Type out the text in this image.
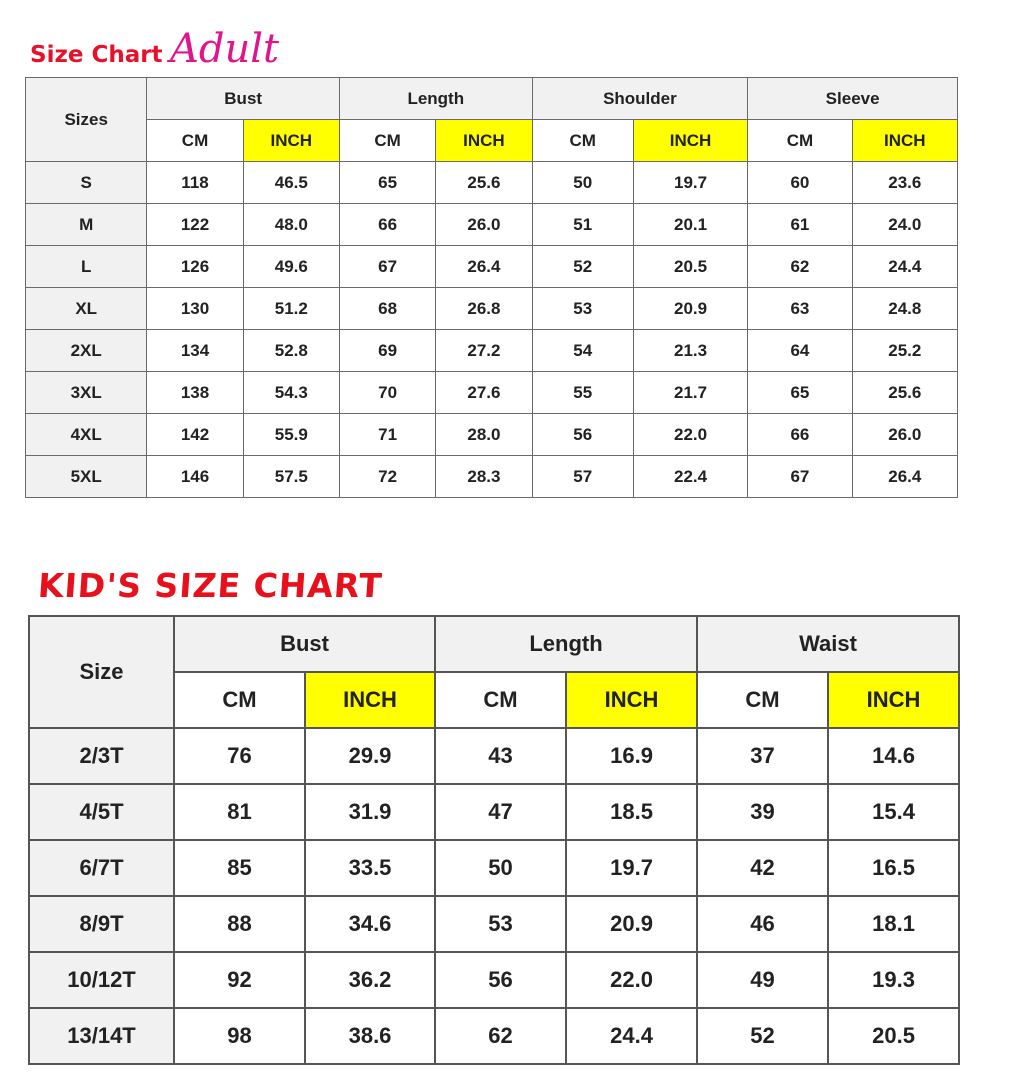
Size Chart Adult
Sizes	Bust		Length		Shoulder		Sleeve	
	CM	INCH	CM	INCH	CM	INCH	CM	INCH
S	118	46.5	65	25.6	50	19.7	60	23.6
M	122	48.0	66	26.0	51	20.1	61	24.0
L	126	49.6	67	26.4	52	20.5	62	24.4
XL	130	51.2	68	26.8	53	20.9	63	24.8
2XL	134	52.8	69	27.2	54	21.3	64	25.2
3XL	138	54.3	70	27.6	55	21.7	65	25.6
4XL	142	55.9	71	28.0	56	22.0	66	26.0
5XL	146	57.5	72	28.3	57	22.4	67	26.4
KID'S SIZE CHART
Size	Bust		Length		Waist	
	CM	INCH	CM	INCH	CM	INCH
2/3T	76	29.9	43	16.9	37	14.6
4/5T	81	31.9	47	18.5	39	15.4
6/7T	85	33.5	50	19.7	42	16.5
8/9T	88	34.6	53	20.9	46	18.1
10/12T	92	36.2	56	22.0	49	19.3
13/14T	98	38.6	62	24.4	52	20.5
